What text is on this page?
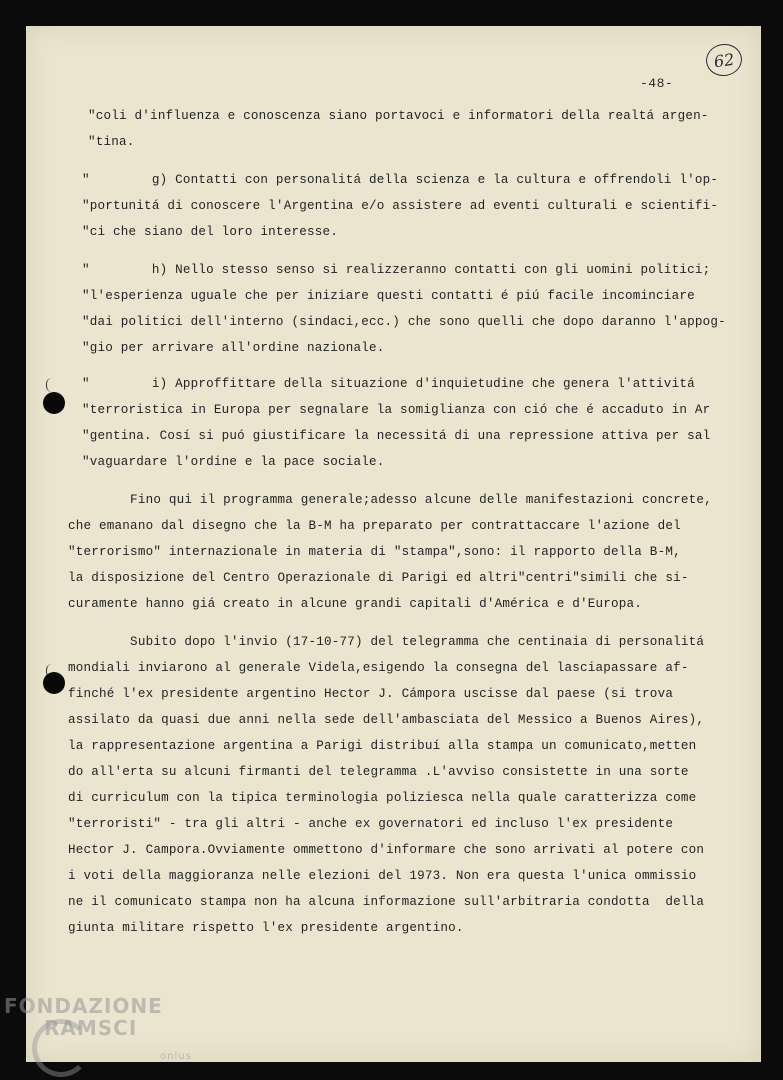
-48-
62
"coli d'influenza e conoscenza siano portavoci e informatori della realtá argen-
"tina.
"        g) Contatti con personalitá della scienza e la cultura e offrendoli l'op-
"portunitá di conoscere l'Argentina e/o assistere ad eventi culturali e scientifi-
"ci che siano del loro interesse.
"        h) Nello stesso senso si realizzeranno contatti con gli uomini politici;
"l'esperienza uguale che per iniziare questi contatti é piú facile incominciare
"dai politici dell'interno (sindaci,ecc.) che sono quelli che dopo daranno l'appog-
"gio per arrivare all'ordine nazionale.
"        i) Approffittare della situazione d'inquietudine che genera l'attivitá
"terroristica in Europa per segnalare la somiglianza con ció che é accaduto in Ar
"gentina. Cosí si puó giustificare la necessitá di una repressione attiva per sal
"vaguardare l'ordine e la pace sociale.
Fino qui il programma generale;adesso alcune delle manifestazioni concrete,
che emanano dal disegno che la B-M ha preparato per contrattaccare l'azione del
"terrorismo" internazionale in materia di "stampa",sono: il rapporto della B-M,
la disposizione del Centro Operazionale di Parigi ed altri"centri"simili che si-
curamente hanno giá creato in alcune grandi capitali d'América e d'Europa.
Subito dopo l'invio (17-10-77) del telegramma che centinaia di personalitá
mondiali inviarono al generale Videla,esigendo la consegna del lasciapassare af-
finché l'ex presidente argentino Hector J. Cámpora uscisse dal paese (si trova
assilato da quasi due anni nella sede dell'ambasciata del Messico a Buenos Aires),
la rappresentazione argentina a Parigi distribuí alla stampa un comunicato,metten
do all'erta su alcuni firmanti del telegramma .L'avviso consistette in una sorte
di curriculum con la tipica terminologia poliziesca nella quale caratterizza come
"terroristi" - tra gli altri - anche ex governatori ed incluso l'ex presidente
Hector J. Campora.Ovviamente ommettono d'informare che sono arrivati al potere con
i voti della maggioranza nelle elezioni del 1973. Non era questa l'unica ommissio
ne il comunicato stampa non ha alcuna informazione sull'arbitraria condotta  della
giunta militare rispetto l'ex presidente argentino.
FONDAZIONE
RAMSCI
onlus
